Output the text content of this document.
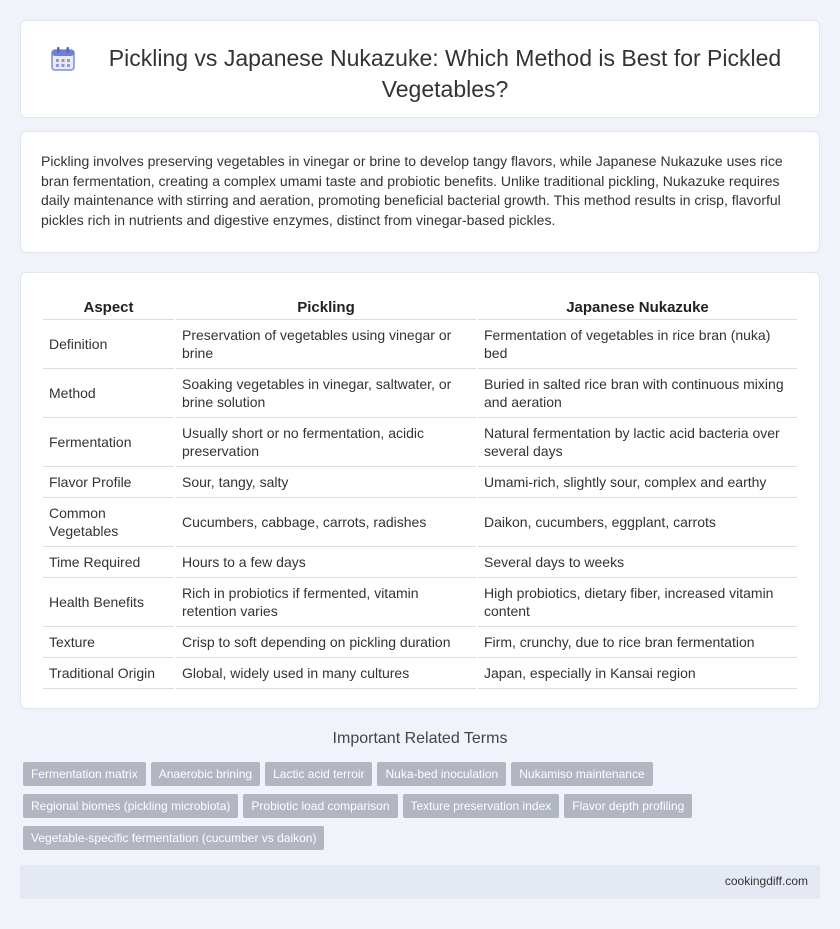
Pickling vs Japanese Nukazuke: Which Method is Best for Pickled Vegetables?

Pickling involves preserving vegetables in vinegar or brine to develop tangy flavors, while Japanese Nukazuke uses rice bran fermentation, creating a complex umami taste and probiotic benefits. Unlike traditional pickling, Nukazuke requires daily maintenance with stirring and aeration, promoting beneficial bacterial growth. This method results in crisp, flavorful pickles rich in nutrients and digestive enzymes, distinct from vinegar-based pickles.

Aspect	Pickling	Japanese Nukazuke
Definition	Preservation of vegetables using vinegar or brine	Fermentation of vegetables in rice bran (nuka) bed
Method	Soaking vegetables in vinegar, saltwater, or brine solution	Buried in salted rice bran with continuous mixing and aeration
Fermentation	Usually short or no fermentation, acidic preservation	Natural fermentation by lactic acid bacteria over several days
Flavor Profile	Sour, tangy, salty	Umami-rich, slightly sour, complex and earthy
Common Vegetables	Cucumbers, cabbage, carrots, radishes	Daikon, cucumbers, eggplant, carrots
Time Required	Hours to a few days	Several days to weeks
Health Benefits	Rich in probiotics if fermented, vitamin retention varies	High probiotics, dietary fiber, increased vitamin content
Texture	Crisp to soft depending on pickling duration	Firm, crunchy, due to rice bran fermentation
Traditional Origin	Global, widely used in many cultures	Japan, especially in Kansai region
Important Related Terms
Fermentation matrix Anaerobic brining Lactic acid terroir Nuka-bed inoculation Nukamiso maintenanceRegional biomes (pickling microbiota) Probiotic load comparison Texture preservation index Flavor depth profilingVegetable-specific fermentation (cucumber vs daikon)
cookingdiff.com
